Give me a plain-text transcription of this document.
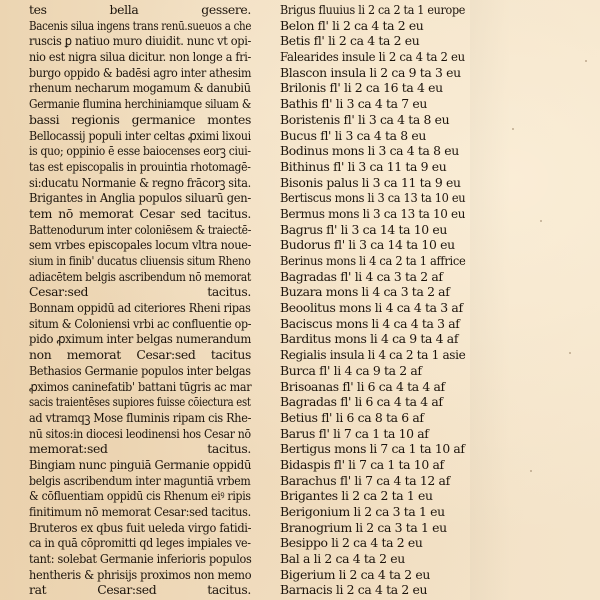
tes bella gessere.
Bacenis silua ingens trans renū.sueuos a che
ruscis ꝑ natiuo muro diuidit. nunc vt opi-
nio est nigra silua dicitur. non longe a fri-
burgo oppido & badēsi agro inter athesim
rhenum necharum mogamum & danubiū
Germanie flumina herchiniamque siluam &
bassi regionis germanice montes
Bellocassij populi inter celtas ꝓximi lixoui
is quo; oppinio ē esse baiocenses eorꝫ ciui-
tas est episcopalis in prouintia rhotomagē-
si:ducatu Normanie & regno frācorꝫ sita.
Brigantes in Anglia populos siluarū gen-
tem nō memorat Cesar sed tacitus.
Battenodurum inter coloniēsem & traiectē-
sem vrbes episcopales locum vltra noue-
sium in finib' ducatus cliuensis situm Rheno
adiacētem belgis ascribendum nō memorat
Cesar:sed tacitus.
Bonnam oppidū ad citeriores Rheni ripas
situm & Coloniensi vrbi ac confluentie op-
pido ꝓximum inter belgas numerandum
non memorat Cesar:sed tacitus
Bethasios Germanie populos inter belgas
ꝓximos caninefatib' battani tūgris ac mar
sacis traientēses supiores fuisse cōiectura est
ad vtramqꝫ Mose fluminis ripam cis Rhe-
nū sitos:in diocesi leodinensi hos Cesar nō
memorat:sed tacitus.
Bingiam nunc pinguiā Germanie oppidū
belgis ascribendum inter maguntiā vrbem
& cōfluentiam oppidū cis Rhenum eiꝰ ripis
finitimum nō memorat Cesar:sed tacitus.
Bruteros ex qbus fuit ueleda virgo fatidi-
ca in quā cōpromitti qd leges impiales ve-
tant: solebat Germanie inferioris populos
hentheris & phrisijs proximos non memo
rat Cesar:sed tacitus.
Brigus fluuius li 2 ca 2 ta 1 europe
Belon fl' li 2 ca 4 ta 2 eu
Betis fl' li 2 ca 4 ta 2 eu
Falearides insule li 2 ca 4 ta 2 eu
Blascon insula li 2 ca 9 ta 3 eu
Brilonis fl' li 2 ca 16 ta 4 eu
Bathis fl' li 3 ca 4 ta 7 eu
Boristenis fl' li 3 ca 4 ta 8 eu
Bucus fl' li 3 ca 4 ta 8 eu
Bodinus mons li 3 ca 4 ta 8 eu
Bithinus fl' li 3 ca 11 ta 9 eu
Bisonis palus li 3 ca 11 ta 9 eu
Bertiscus mons li 3 ca 13 ta 10 eu
Bermus mons li 3 ca 13 ta 10 eu
Bagrus fl' li 3 ca 14 ta 10 eu
Budorus fl' li 3 ca 14 ta 10 eu
Berinus mons li 4 ca 2 ta 1 affrice
Bagradas fl' li 4 ca 3 ta 2 af
Buzara mons li 4 ca 3 ta 2 af
Beoolitus mons li 4 ca 4 ta 3 af
Baciscus mons li 4 ca 4 ta 3 af
Barditus mons li 4 ca 9 ta 4 af
Regialis insula li 4 ca 2 ta 1 asie
Burca fl' li 4 ca 9 ta 2 af
Brisoanas fl' li 6 ca 4 ta 4 af
Bagradas fl' li 6 ca 4 ta 4 af
Betius fl' li 6 ca 8 ta 6 af
Barus fl' li 7 ca 1 ta 10 af
Bertigus mons li 7 ca 1 ta 10 af
Bidaspis fl' li 7 ca 1 ta 10 af
Barachus fl' li 7 ca 4 ta 12 af
Brigantes li 2 ca 2 ta 1 eu
Berigonium li 2 ca 3 ta 1 eu
Branogrium li 2 ca 3 ta 1 eu
Besippo li 2 ca 4 ta 2 eu
Bal a li 2 ca 4 ta 2 eu
Bigerium li 2 ca 4 ta 2 eu
Barnacis li 2 ca 4 ta 2 eu
